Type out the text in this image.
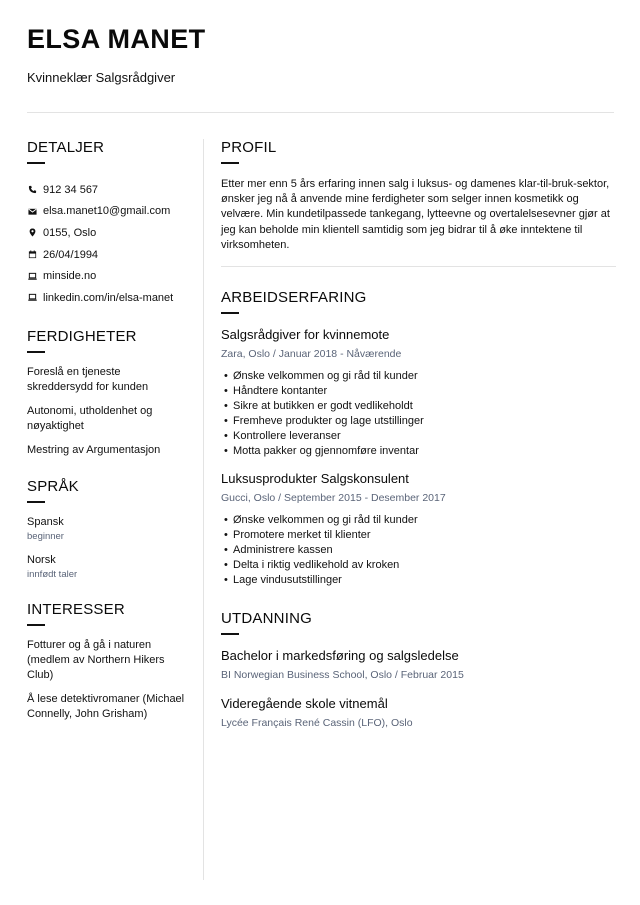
ELSA MANET
Kvinneklær Salgsrådgiver
DETALJER
912 34 567
elsa.manet10@gmail.com
0155, Oslo
26/04/1994
minside.no
linkedin.com/in/elsa-manet
FERDIGHETER
Foreslå en tjeneste skreddersydd for kunden
Autonomi, utholdenhet og nøyaktighet
Mestring av Argumentasjon
SPRÅK
Spansk
beginner
Norsk
innfødt taler
INTERESSER
Fotturer og å gå i naturen (medlem av Northern Hikers Club)
Å lese detektivromaner (Michael Connelly, John Grisham)
PROFIL
Etter mer enn 5 års erfaring innen salg i luksus- og damenes klar-til-bruk-sektor, ønsker jeg nå å anvende mine ferdigheter som selger innen kosmetikk og velvære. Min kundetilpassede tankegang, lytteevne og overtalelsesevner gjør at jeg kan beholde min klientell samtidig som jeg bidrar til å øke inntektene til virksomheten.
ARBEIDSERFARING
Salgsrådgiver for kvinnemote
Zara, Oslo / Januar 2018 - Nåværende
• Ønske velkommen og gi råd til kunder
• Håndtere kontanter
• Sikre at butikken er godt vedlikeholdt
• Fremheve produkter og lage utstillinger
• Kontrollere leveranser
• Motta pakker og gjennomføre inventar
Luksusprodukter Salgskonsulent
Gucci, Oslo / September 2015 - Desember 2017
• Ønske velkommen og gi råd til kunder
• Promotere merket til klienter
• Administrere kassen
• Delta i riktig vedlikehold av kroken
• Lage vindusutstillinger
UTDANNING
Bachelor i markedsføring og salgsledelse
BI Norwegian Business School, Oslo / Februar 2015
Videregående skole vitnemål
Lycée Français René Cassin (LFO), Oslo
